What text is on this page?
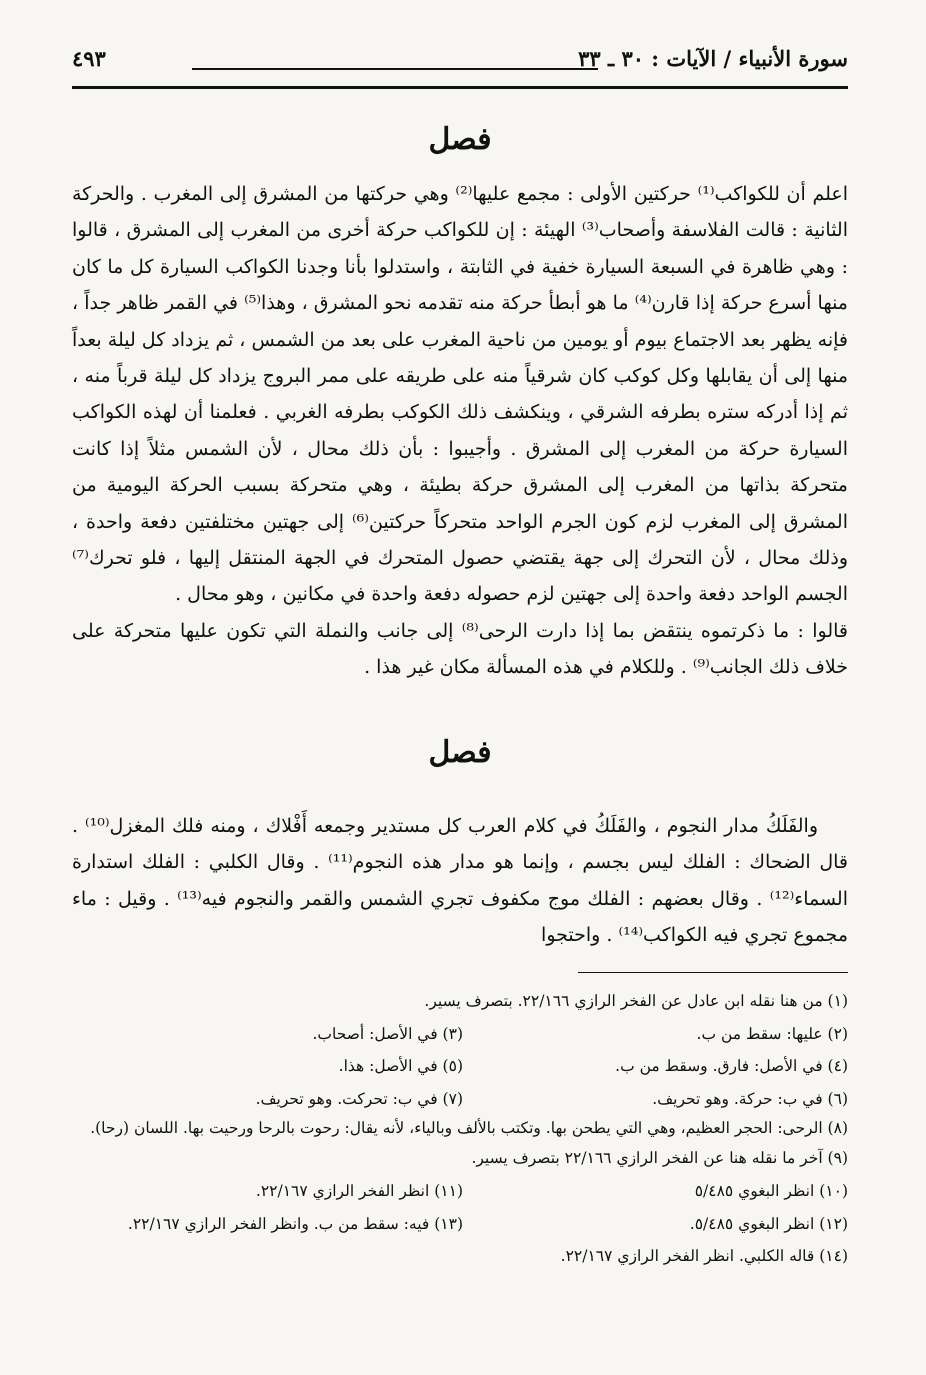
سورة الأنبياء / الآيات : ٣٠ ـ ٣٣
٤٩٣
فصل

اعلم أن للكواكب⁽¹⁾ حركتين الأولى : مجمع عليها⁽²⁾ وهي حركتها من المشرق إلى المغرب . والحركة الثانية : قالت الفلاسفة وأصحاب⁽³⁾ الهيئة : إن للكواكب حركة أخرى من المغرب إلى المشرق ، قالوا : وهي ظاهرة في السبعة السيارة خفية في الثابتة ، واستدلوا بأنا وجدنا الكواكب السيارة كل ما كان منها أسرع حركة إذا قارن⁽⁴⁾ ما هو أبطأ حركة منه تقدمه نحو المشرق ، وهذا⁽⁵⁾ في القمر ظاهر جداً ، فإنه يظهر بعد الاجتماع بيوم أو يومين من ناحية المغرب على بعد من الشمس ، ثم يزداد كل ليلة بعداً منها إلى أن يقابلها وكل كوكب كان شرقياً منه على طريقه على ممر البروج يزداد كل ليلة قرباً منه ، ثم إذا أدركه ستره بطرفه الشرقي ، وينكشف ذلك الكوكب بطرفه الغربي . فعلمنا أن لهذه الكواكب السيارة حركة من المغرب إلى المشرق . وأجيبوا : بأن ذلك محال ، لأن الشمس مثلاً إذا كانت متحركة بذاتها من المغرب إلى المشرق حركة بطيئة ، وهي متحركة بسبب الحركة اليومية من المشرق إلى المغرب لزم كون الجرم الواحد متحركاً حركتين⁽⁶⁾ إلى جهتين مختلفتين دفعة واحدة ، وذلك محال ، لأن التحرك إلى جهة يقتضي حصول المتحرك في الجهة المنتقل إليها ، فلو تحرك⁽⁷⁾ الجسم الواحد دفعة واحدة إلى جهتين لزم حصوله دفعة واحدة في مكانين ، وهو محال .

قالوا : ما ذكرتموه ينتقض بما إذا دارت الرحى⁽⁸⁾ إلى جانب والنملة التي تكون عليها متحركة على خلاف ذلك الجانب⁽⁹⁾ . وللكلام في هذه المسألة مكان غير هذا .

فصل

والفَلَكُ مدار النجوم ، والفَلَكُ في كلام العرب كل مستدير وجمعه أَفْلاك ، ومنه فلك المغزل⁽¹⁰⁾ . قال الضحاك : الفلك ليس بجسم ، وإنما هو مدار هذه النجوم⁽¹¹⁾ . وقال الكلبي : الفلك استدارة السماء⁽¹²⁾ . وقال بعضهم : الفلك موج مكفوف تجري الشمس والقمر والنجوم فيه⁽¹³⁾ . وقيل : ماء مجموع تجري فيه الكواكب⁽¹⁴⁾ . واحتجوا

(١) من هنا نقله ابن عادل عن الفخر الرازي ٢٢/١٦٦. بتصرف يسير.
(٢) عليها: سقط من ب.
(٣) في الأصل: أصحاب.
(٤) في الأصل: فارق. وسقط من ب.
(٥) في الأصل: هذا.
(٦) في ب: حركة. وهو تحريف.
(٧) في ب: تحركت. وهو تحريف.
(٨) الرحى: الحجر العظيم، وهي التي يطحن بها. وتكتب بالألف وبالياء، لأنه يقال: رحوت بالرحا ورحيت بها. اللسان (رحا).
(٩) آخر ما نقله هنا عن الفخر الرازي ٢٢/١٦٦ بتصرف يسير.
(١٠) انظر البغوي ٥/٤٨٥
(١١) انظر الفخر الرازي ٢٢/١٦٧.
(١٢) انظر البغوي ٥/٤٨٥.
(١٣) فيه: سقط من ب. وانظر الفخر الرازي ٢٢/١٦٧.
(١٤) قاله الكلبي. انظر الفخر الرازي ٢٢/١٦٧.
